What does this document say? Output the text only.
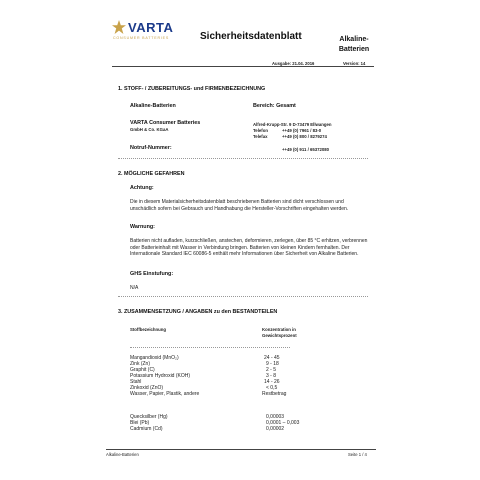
VARTA
CONSUMER BATTERIES	Sicherheitsdatenblatt	Alkaline-
Batterien
Ausgabe: 21.04. 2016	Version: 14
1. STOFF- / ZUBEREITUNGS- und FIRMENBEZEICHNUNG
Alkaline-Batterien	Bereich: Gesamt
VARTA Consumer Batteries
GmbH & Co. KGaA
Alfred-Krupp-Str. 9 D-73479 Ellwangen
Telefon	++49 (0) 7961 / 83-0
Telefax	++49 (0) 800 / 8279274
Notruf-Nummer:	++49 (0) 911 / 65372080
2. MÖGLICHE GEFAHREN
Achtung:
Die in diesem Materialsicherheitsdatenblatt beschriebenen Batterien sind dicht verschlossen und unschädlich sofern bei Gebrauch und Handhabung die Hersteller-Vorschriften eingehalten werden.
Warnung:
Batterien nicht aufladen, kurzschließen, anstechen, deformieren, zerlegen, über 85 °C erhitzen, verbrennen oder Batterieinhalt mit Wasser in Verbindung bringen. Batterien von kleinen Kindern fernhalten. Der Internationale Standard IEC 60086-5 enthält mehr Informationen über Sicherheit von Alkaline Batterien.
GHS Einstufung:
N/A
3. ZUSAMMENSETZUNG / ANGABEN zu den BESTANDTEILEN
Stoffbezeichnung	Konzentration in
Gewichtsprozent
Mangandioxid (MnO₂)	24 - 45
Zink (Zn)	9 - 18
Graphit (C)	2 - 5
Potassium Hydroxid (KOH)	3 - 8
Stahl	14 - 26
Zinkoxid (ZnO)	< 0,5
Wasser, Papier, Plastik, andere	Restbetrag
Quecksilber (Hg)	0,00003
Blei (Pb)	0,0001 – 0,003
Cadmium (Cd)	0,00002
Alkaline-Batterien	Seite 1 / 4
